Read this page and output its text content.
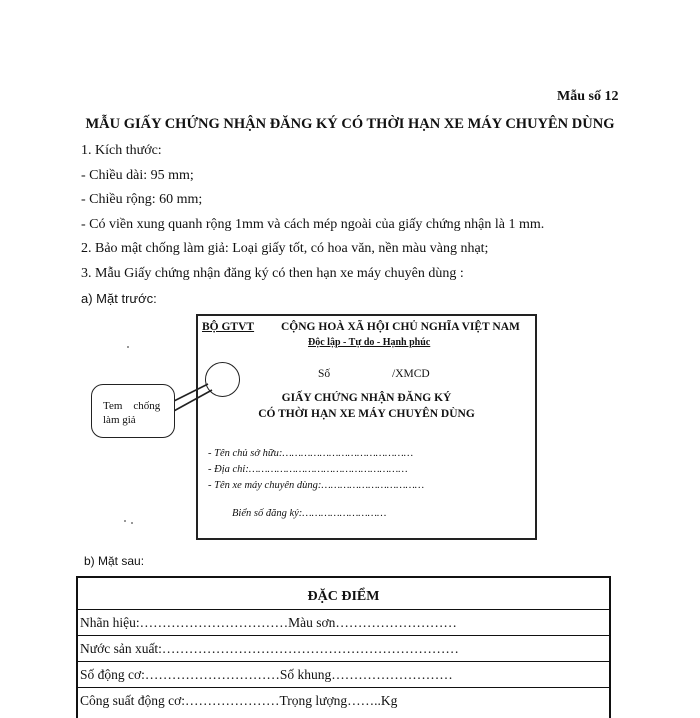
Mẫu số 12
MẪU GIẤY CHỨNG NHẬN ĐĂNG KÝ CÓ THỜI HẠN XE MÁY CHUYÊN DÙNG
1. Kích thước:
- Chiều dài: 95 mm;
- Chiều rộng: 60 mm;
- Có viền xung quanh rộng 1mm và cách mép ngoài của giấy chứng nhận là 1 mm.
2. Bảo mật chống làm giả: Loại giấy tốt, có hoa văn, nền màu vàng nhạt;
3. Mẫu Giấy chứng nhận đăng ký có then hạn xe máy chuyên dùng :
a) Mặt trước:
BỘ GTVT CỘNG HOÀ XÃ HỘI CHỦ NGHĨA VIỆT NAM
Độc lập - Tự do - Hạnh phúc
Số	/XMCD
GIẤY CHỨNG NHẬN ĐĂNG KÝ
CÓ THỜI HẠN XE MÁY CHUYÊN DÙNG
- Tên chủ sở hữu:……………………………………
- Địa chỉ:……………………………………………
- Tên xe máy chuyên dùng:……………………………
Biển số đăng ký:………………………
Tem    chống
làm giả
b) Mặt sau:
ĐẶC ĐIỂM
Nhãn hiệu:……………………………Màu sơn………………………
Nước sản xuất:…………………………………………………………
Số động cơ:…………………………Số khung………………………
Công suất động cơ:…………………Trọng lượng……..Kg
